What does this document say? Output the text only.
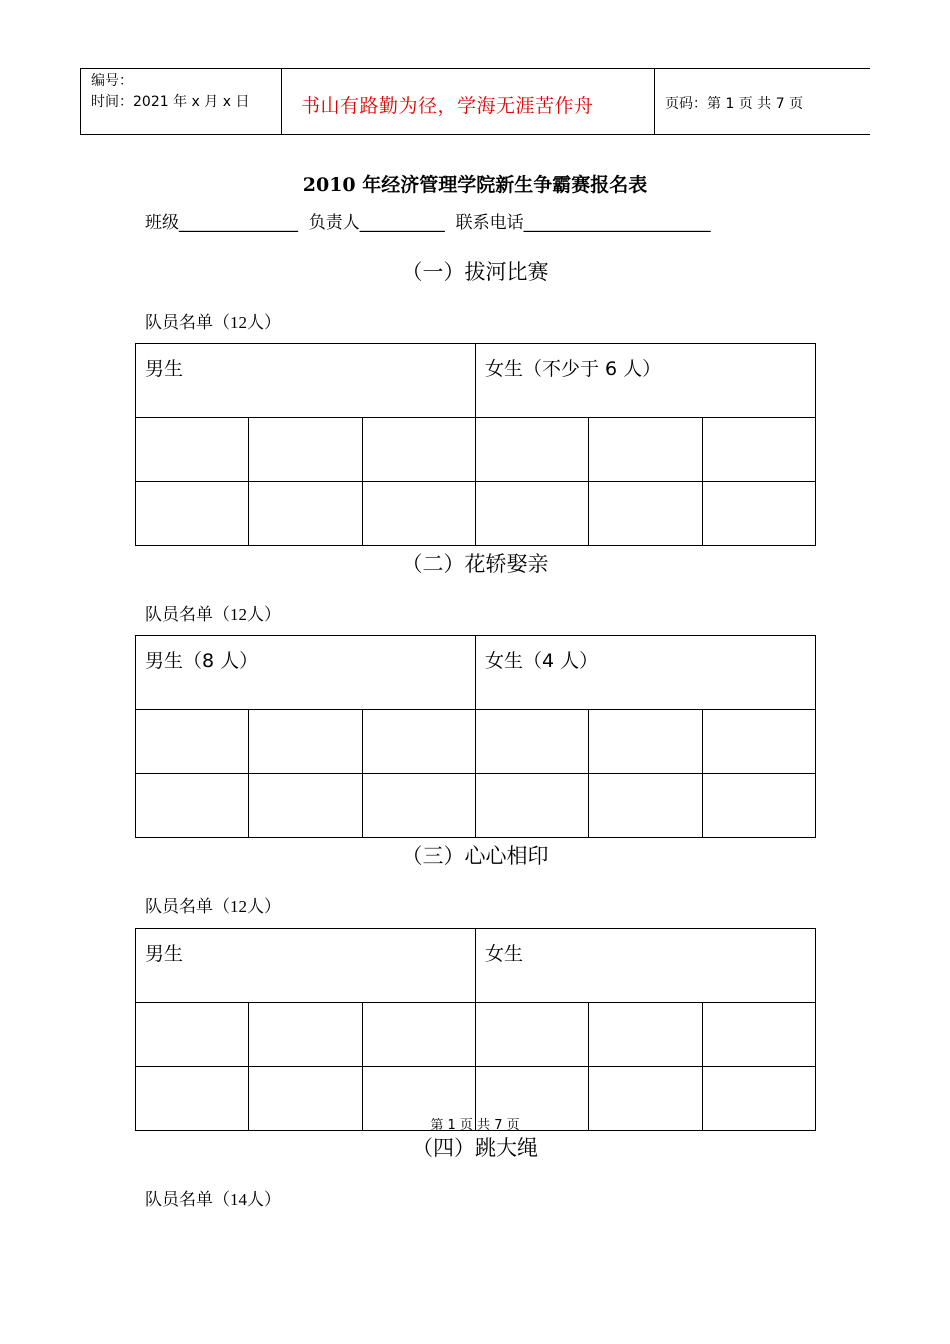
编号：
时间：2021 年 x 月 x 日	书山有路勤为径，学海无涯苦作舟	页码：第 1 页 共 7 页
2010 年经济管理学院新生争霸赛报名表
班级______________  负责人__________  联系电话______________________
（一）拔河比赛
队员名单（12人）
男生			女生（不少于 6 人）		

（二）花轿娶亲
队员名单（12人）
男生（8 人）			女生（4 人）		

（三）心心相印
队员名单（12人）
男生			女生		

第 1 页 共 7 页
（四）跳大绳
队员名单（14人）
